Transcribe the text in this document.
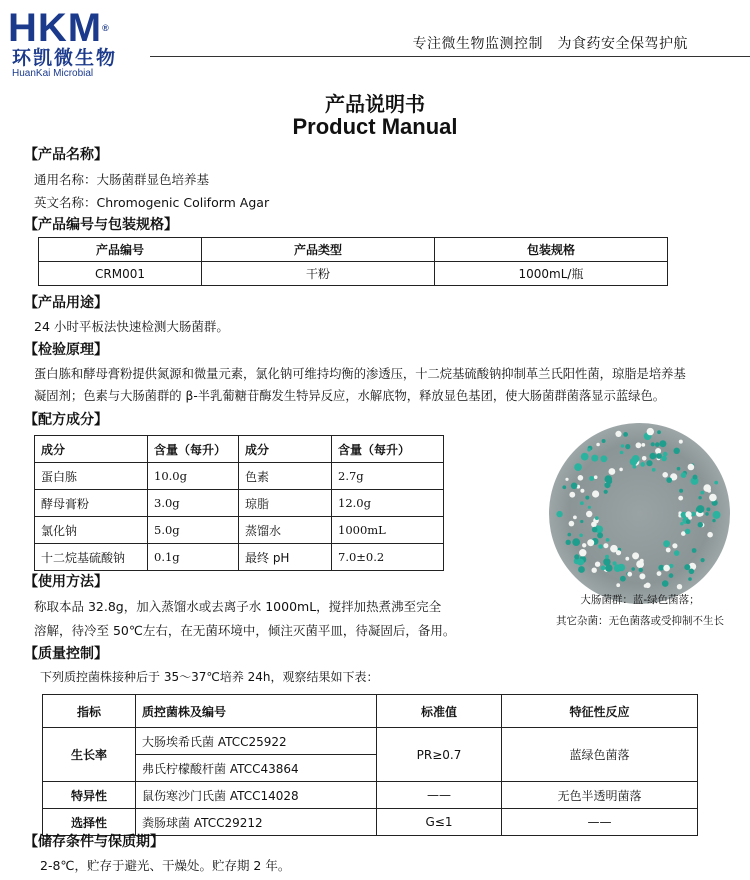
HKM®
环凯微生物
HuanKai Microbial
专注微生物监测控制　为食药安全保驾护航
产品说明书
Product Manual
【产品名称】
通用名称：大肠菌群显色培养基
英文名称：Chromogenic Coliform Agar
【产品编号与包装规格】
产品编号	产品类型	包装规格
CRM001	干粉	1000mL/瓶
【产品用途】
24 小时平板法快速检测大肠菌群。
【检验原理】
蛋白胨和酵母膏粉提供氮源和微量元素，氯化钠可维持均衡的渗透压，十二烷基硫酸钠抑制革兰氏阳性菌，琼脂是培养基
凝固剂；色素与大肠菌群的 β-半乳葡糖苷酶发生特异反应，水解底物，释放显色基团，使大肠菌群菌落显示蓝绿色。
【配方成分】
成分	含量（每升）	成分	含量（每升）
蛋白胨	10.0g	色素	2.7g
酵母膏粉	3.0g	琼脂	12.0g
氯化钠	5.0g	蒸馏水	1000mL
十二烷基硫酸钠	0.1g	最终 pH	7.0±0.2
大肠菌群：蓝-绿色菌落；
其它杂菌：无色菌落或受抑制不生长
【使用方法】
称取本品 32.8g，加入蒸馏水或去离子水 1000mL，搅拌加热煮沸至完全
溶解，待冷至 50℃左右，在无菌环境中，倾注灭菌平皿，待凝固后，备用。
【质量控制】
下列质控菌株接种后于 35～37℃培养 24h，观察结果如下表：
指标	质控菌株及编号	标准值	特征性反应
生长率	大肠埃希氏菌 ATCC25922	PR≥0.7	蓝绿色菌落
	弗氏柠檬酸杆菌 ATCC43864		
特异性	鼠伤寒沙门氏菌 ATCC14028	——	无色半透明菌落
选择性	粪肠球菌 ATCC29212	G≤1	——
【储存条件与保质期】
2-8℃，贮存于避光、干燥处。贮存期 2 年。
